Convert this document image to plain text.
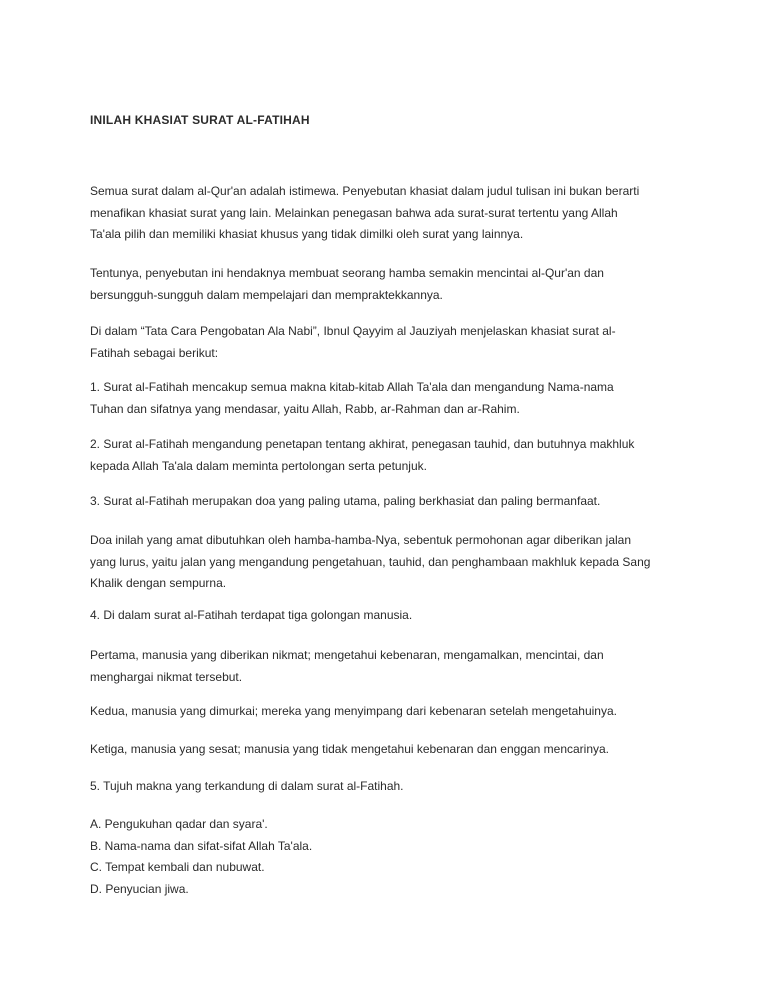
INILAH KHASIAT SURAT AL-FATIHAH

Semua surat dalam al-Qur'an adalah istimewa. Penyebutan khasiat dalam judul tulisan ini bukan berarti
menafikan khasiat surat yang lain. Melainkan penegasan bahwa ada surat-surat tertentu yang Allah
Ta'ala pilih dan memiliki khasiat khusus yang tidak dimilki oleh surat yang lainnya.

Tentunya, penyebutan ini hendaknya membuat seorang hamba semakin mencintai al-Qur'an dan
bersungguh-sungguh dalam mempelajari dan mempraktekkannya.

Di dalam “Tata Cara Pengobatan Ala Nabi”, Ibnul Qayyim al Jauziyah menjelaskan khasiat surat al-
Fatihah sebagai berikut:

1. Surat al-Fatihah mencakup semua makna kitab-kitab Allah Ta'ala dan mengandung Nama-nama
Tuhan dan sifatnya yang mendasar, yaitu Allah, Rabb, ar-Rahman dan ar-Rahim.

2. Surat al-Fatihah mengandung penetapan tentang akhirat, penegasan tauhid, dan butuhnya makhluk
kepada Allah Ta'ala dalam meminta pertolongan serta petunjuk.

3. Surat al-Fatihah merupakan doa yang paling utama, paling berkhasiat dan paling bermanfaat.

Doa inilah yang amat dibutuhkan oleh hamba-hamba-Nya, sebentuk permohonan agar diberikan jalan
yang lurus, yaitu jalan yang mengandung pengetahuan, tauhid, dan penghambaan makhluk kepada Sang
Khalik dengan sempurna.

4. Di dalam surat al-Fatihah terdapat tiga golongan manusia.

Pertama, manusia yang diberikan nikmat; mengetahui kebenaran, mengamalkan, mencintai, dan
menghargai nikmat tersebut.

Kedua, manusia yang dimurkai; mereka yang menyimpang dari kebenaran setelah mengetahuinya.

Ketiga, manusia yang sesat; manusia yang tidak mengetahui kebenaran dan enggan mencarinya.

5. Tujuh makna yang terkandung di dalam surat al-Fatihah.

A. Pengukuhan qadar dan syara'.
B. Nama-nama dan sifat-sifat Allah Ta'ala.
C. Tempat kembali dan nubuwat.
D. Penyucian jiwa.
